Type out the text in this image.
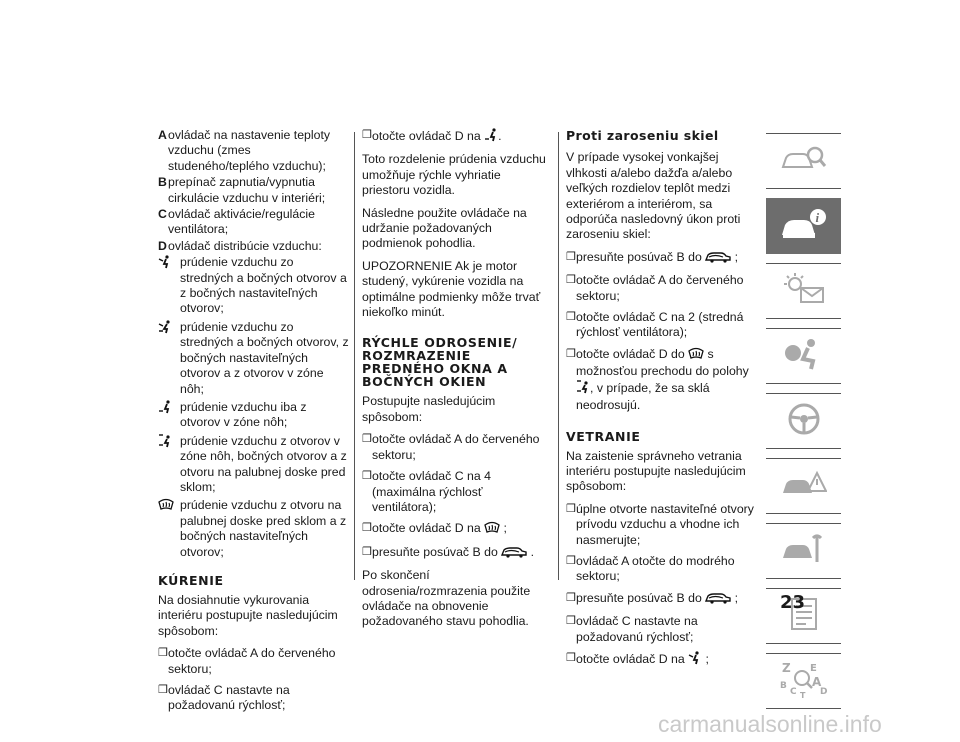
A ovládač na nastavenie teploty vzduchu (zmes studeného/teplého vzduchu);
B prepínač zapnutia/vypnutia cirkulácie vzduchu v interiéri;
C ovládač aktivácie/regulácie ventilátora;
D ovládač distribúcie vzduchu:
prúdenie vzduchu zo stredných a bočných otvorov a z bočných nastaviteľných otvorov;
prúdenie vzduchu zo stredných a bočných otvorov, z bočných nastaviteľných otvorov a z otvorov v zóne nôh;
prúdenie vzduchu iba z otvorov v zóne nôh;
prúdenie vzduchu z otvorov v zóne nôh, bočných otvorov a z otvoru na palubnej doske pred sklom;
prúdenie vzduchu z otvoru na palubnej doske pred sklom a z bočných nastaviteľných otvorov;
KÚRENIE
Na dosiahnutie vykurovania interiéru postupujte nasledujúcim spôsobom:
❒ otočte ovládač A do červeného sektoru;
❒ ovládač C nastavte na požadovanú rýchlosť;
❒ otočte ovládač D na .
Toto rozdelenie prúdenia vzduchu umožňuje rýchle vyhriatie priestoru vozidla.
Následne použite ovládače na udržanie požadovaných podmienok pohodlia.
UPOZORNENIE Ak je motor studený, vykúrenie vozidla na optimálne podmienky môže trvať niekoľko minút.
RÝCHLE ODROSENIE/ ROZMRAZENIE PREDNÉHO OKNA A BOČNÝCH OKIEN
Postupujte nasledujúcim spôsobom:
❒ otočte ovládač A do červeného sektoru;
❒ otočte ovládač C na 4 (maximálna rýchlosť ventilátora);
❒ otočte ovládač D na ;
❒ presuňte posúvač B do	.
Po skončení odrosenia/rozmrazenia použite ovládače na obnovenie požadovaného stavu pohodlia.
Proti zaroseniu skiel
V prípade vysokej vonkajšej vlhkosti a/alebo dažďa a/alebo veľkých rozdielov teplôt medzi exteriérom a interiérom, sa odporúča nasledovný úkon proti zaroseniu skiel:
❒ presuňte posúvač B do	;
❒ otočte ovládač A do červeného sektoru;
❒ otočte ovládač C na 2 (stredná rýchlosť ventilátora);
❒ otočte ovládač D do s možnosťou prechodu do polohy , v prípade, že sa sklá neodrosujú.
VETRANIE
Na zaistenie správneho vetrania interiéru postupujte nasledujúcim spôsobom:
❒ úplne otvorte nastaviteľné otvory prívodu vzduchu a vhodne ich nasmerujte;
❒ ovládač A otočte do modrého sektoru;
❒ presuňte posúvač B do	;
❒ ovládač C nastavte na požadovanú rýchlosť;
❒ otočte ovládač D na ;
i
Z
B
C T
A
D
E
23
carmanualsonline.info
